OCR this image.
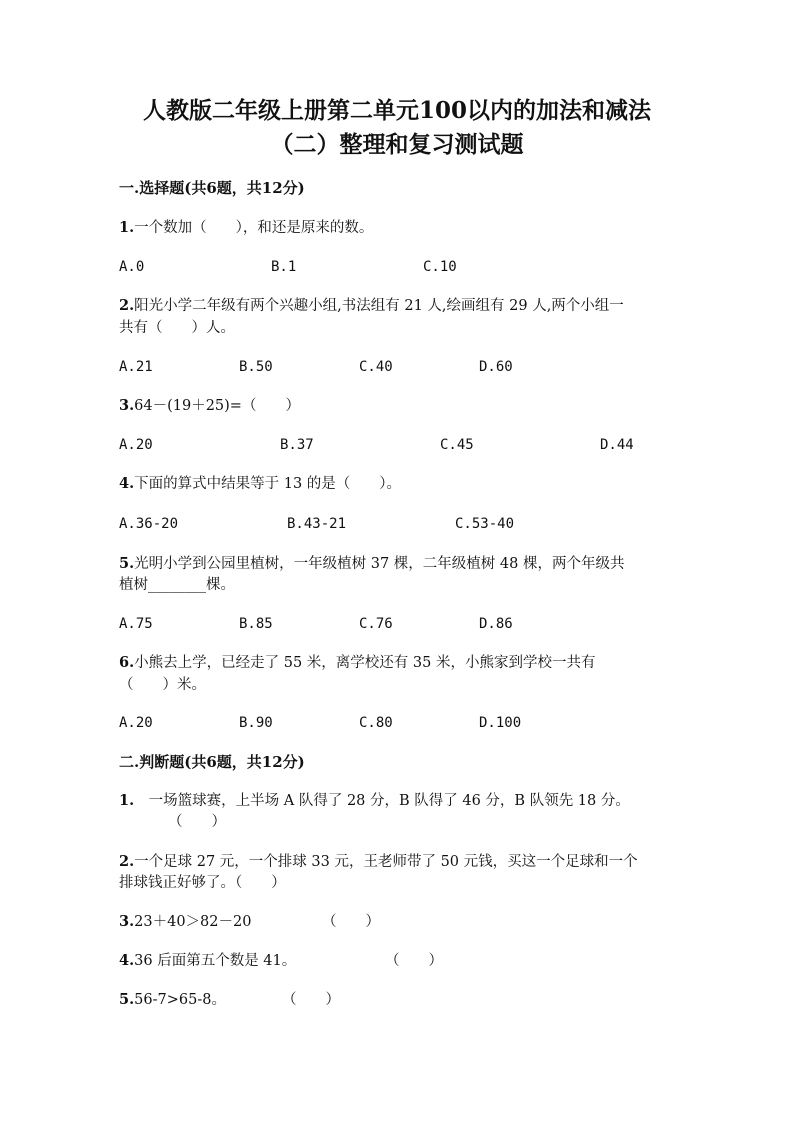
人教版二年级上册第二单元100以内的加法和减法
（二）整理和复习测试题
一.选择题(共6题，共12分)
1.一个数加（　　），和还是原来的数。
A.0	B.1	C.10
2.阳光小学二年级有两个兴趣小组,书法组有 21 人,绘画组有 29 人,两个小组一
共有（　　）人。
A.21	B.50	C.40	D.60
3.64－(19＋25)=（　　）
A.20	B.37	C.45	D.44
4.下面的算式中结果等于 13 的是（　　）。
A.36-20	B.43-21	C.53-40
5.光明小学到公园里植树，一年级植树 37 棵，二年级植树 48 棵，两个年级共
植树________棵。
A.75	B.85	C.76	D.86
6.小熊去上学，已经走了 55 米，离学校还有 35 米，小熊家到学校一共有
（　　）米。
A.20	B.90	C.80	D.100
二.判断题(共6题，共12分)
1.　一场篮球赛，上半场 A 队得了 28 分，B 队得了 46 分，B 队领先 18 分。
（　　）
2.一个足球 27 元，一个排球 33 元，王老师带了 50 元钱，买这一个足球和一个
排球钱正好够了。（　　）
3.23＋40＞82－20	（　　）
4.36 后面第五个数是 41。	（　　）
5.56-7>65-8。	（　　）
